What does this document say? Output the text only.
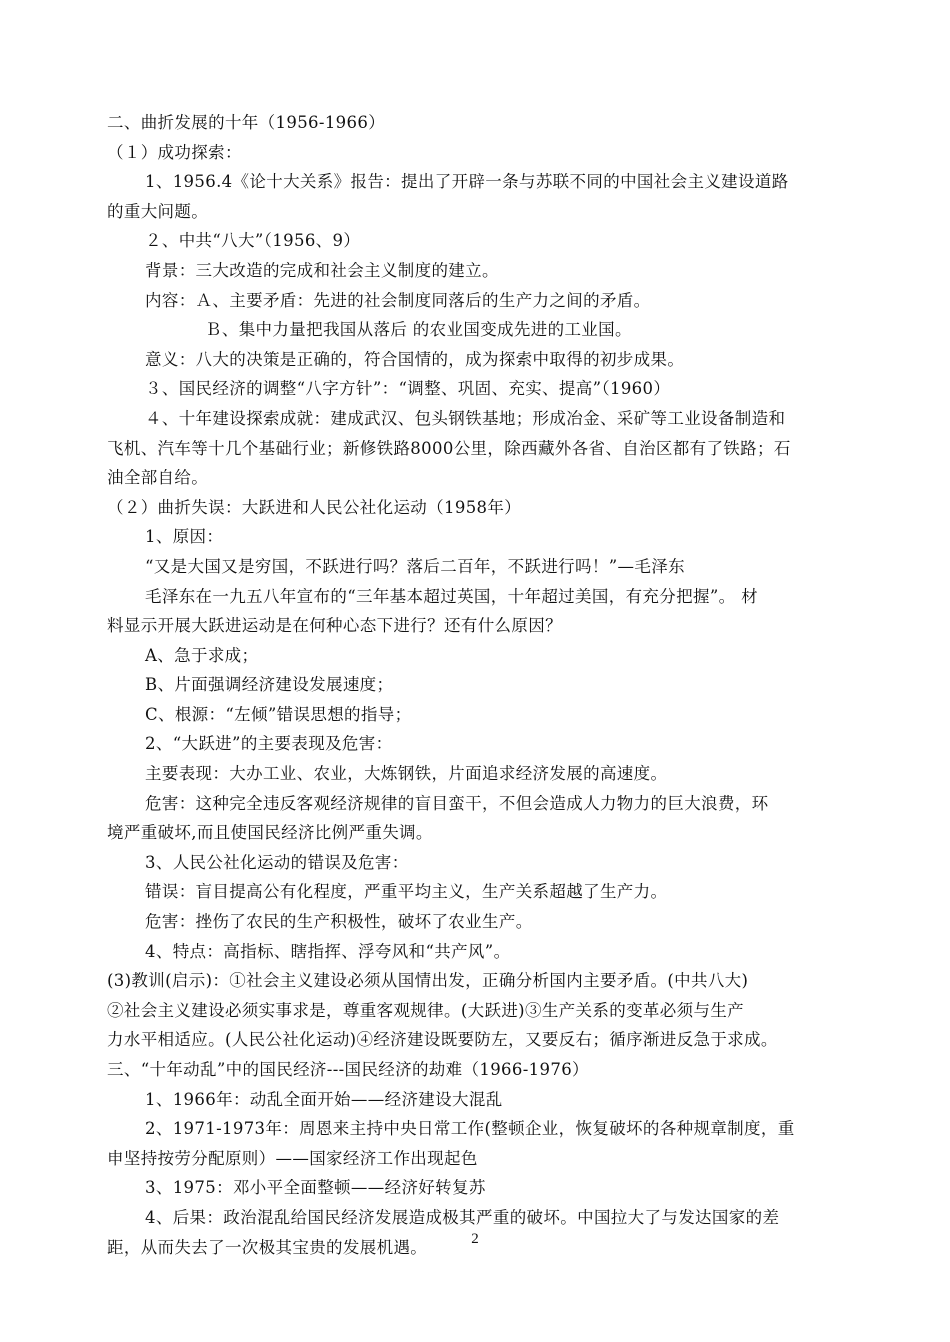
二、曲折发展的十年（1956-1966）
（１）成功探索：
1、1956.4《论十大关系》报告：提出了开辟一条与苏联不同的中国社会主义建设道路
的重大问题。
２、中共“八大”（1956、9）
背景：三大改造的完成和社会主义制度的建立。
内容：Ａ、主要矛盾：先进的社会制度同落后的生产力之间的矛盾。
Ｂ、集中力量把我国从落后 的农业国变成先进的工业国。
意义：八大的决策是正确的，符合国情的，成为探索中取得的初步成果。
３、国民经济的调整“八字方针”：“调整、巩固、充实、提高”（1960）
４、十年建设探索成就：建成武汉、包头钢铁基地；形成冶金、采矿等工业设备制造和
飞机、汽车等十几个基础行业；新修铁路8000公里，除西藏外各省、自治区都有了铁路；石
油全部自给。
（２）曲折失误：大跃进和人民公社化运动（1958年）
1、原因：
“又是大国又是穷国，不跃进行吗？落后二百年，不跃进行吗！”—毛泽东
毛泽东在一九五八年宣布的“三年基本超过英国，十年超过美国，有充分把握”。 材
料显示开展大跃进运动是在何种心态下进行？还有什么原因？
A、急于求成；
B、片面强调经济建设发展速度；
C、根源：“左倾”错误思想的指导；
2、“大跃进”的主要表现及危害：
主要表现：大办工业、农业，大炼钢铁，片面追求经济发展的高速度。
危害：这种完全违反客观经济规律的盲目蛮干，不但会造成人力物力的巨大浪费，环
境严重破坏,而且使国民经济比例严重失调。
3、人民公社化运动的错误及危害：
错误：盲目提高公有化程度，严重平均主义，生产关系超越了生产力。
危害：挫伤了农民的生产积极性，破坏了农业生产。
4、特点：高指标、瞎指挥、浮夸风和“共产风”。
(3)教训(启示)：①社会主义建设必须从国情出发，正确分析国内主要矛盾。(中共八大)
②社会主义建设必须实事求是，尊重客观规律。(大跃进)③生产关系的变革必须与生产
力水平相适应。(人民公社化运动)④经济建设既要防左，又要反右；循序渐进反急于求成。
三、“十年动乱”中的国民经济---国民经济的劫难（1966-1976）
1、1966年：动乱全面开始——经济建设大混乱
2、1971-1973年：周恩来主持中央日常工作(整顿企业，恢复破坏的各种规章制度，重
申坚持按劳分配原则）——国家经济工作出现起色
3、1975：邓小平全面整顿——经济好转复苏
4、后果：政治混乱给国民经济发展造成极其严重的破坏。中国拉大了与发达国家的差
距，从而失去了一次极其宝贵的发展机遇。	2
